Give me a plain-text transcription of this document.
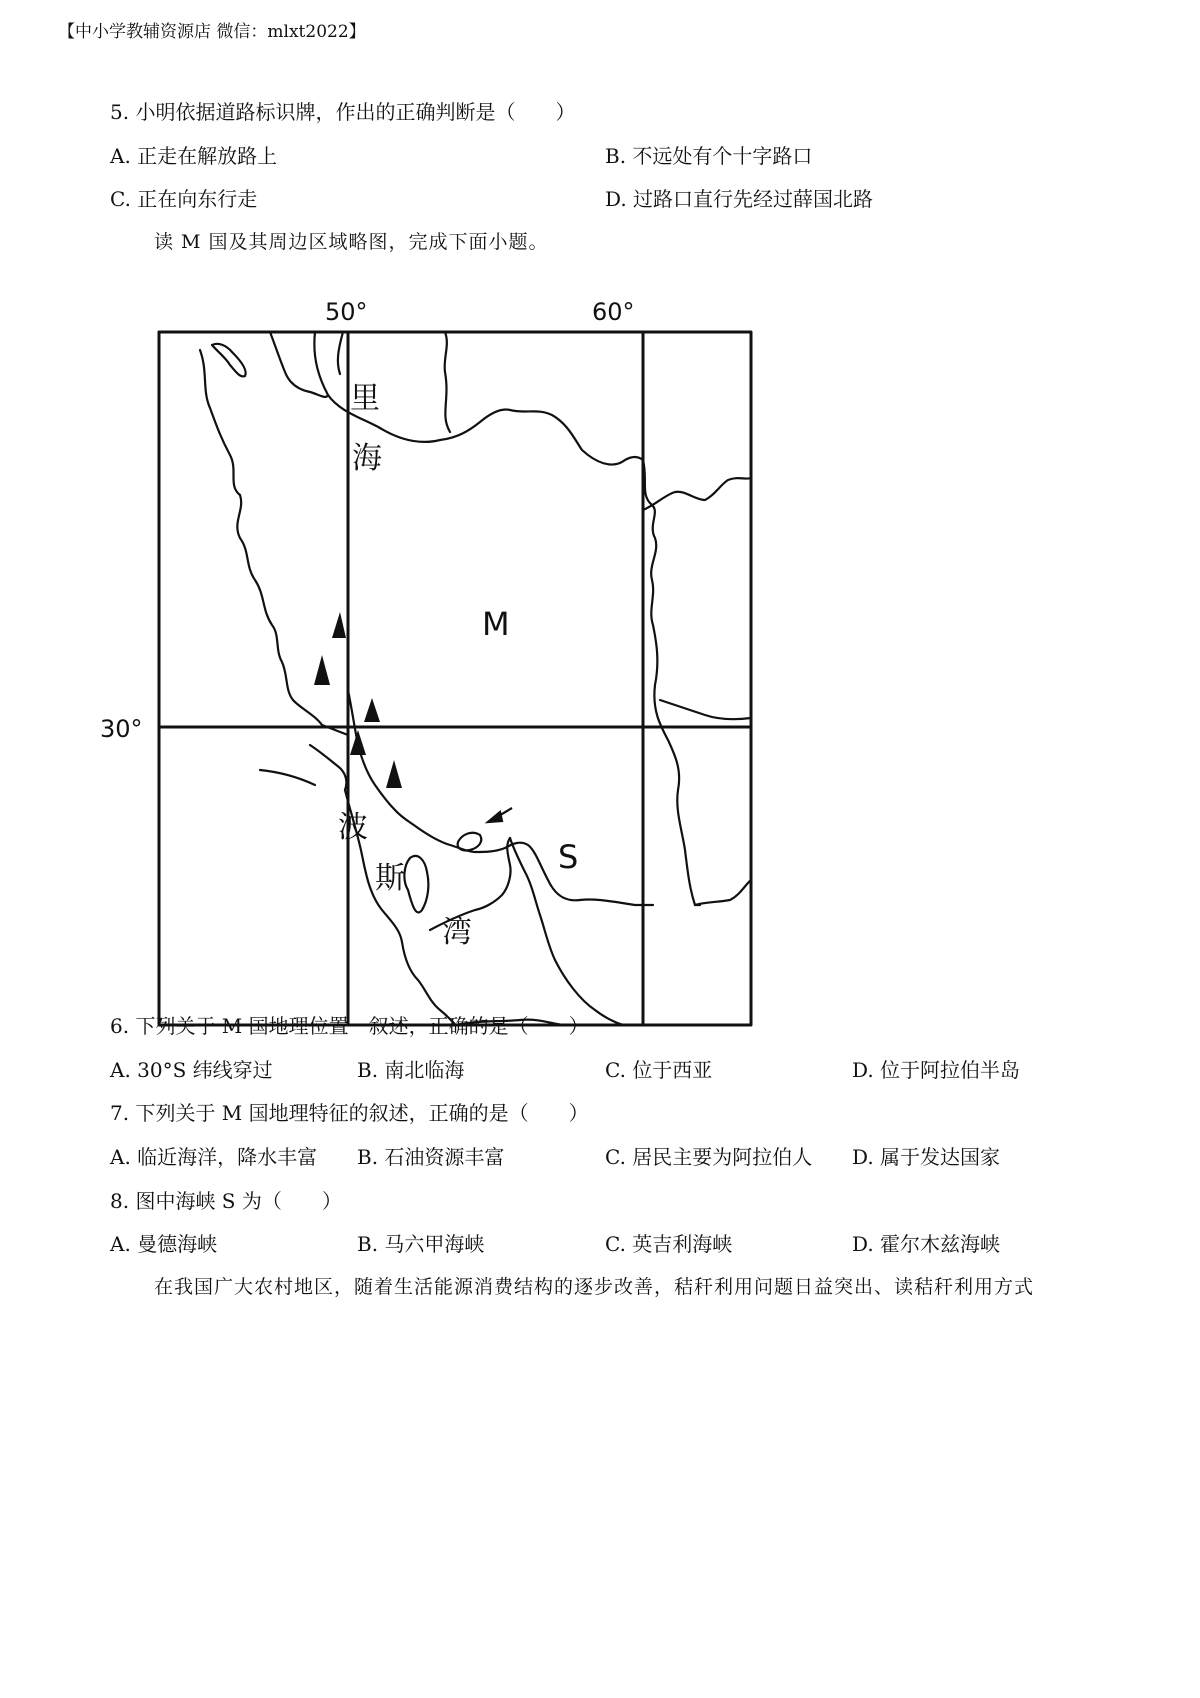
【中小学教辅资源店 微信：mlxt2022】
5. 小明依据道路标识牌，作出的正确判断是（　　）
A. 正走在解放路上	B. 不远处有个十字路口
C. 正在向东行走	D. 过路口直行先经过薛国北路
读 M 国及其周边区域略图，完成下面小题。
50°	60°
30°
里
海
M
波
斯
湾
S
6. 下列关于 M 国地理位置　叙述，正确的是（　　）
A. 30°S 纬线穿过	B. 南北临海	C. 位于西亚	D. 位于阿拉伯半岛
7. 下列关于 M 国地理特征的叙述，正确的是（　　）
A. 临近海洋，降水丰富 B. 石油资源丰富	C. 居民主要为阿拉伯人 D. 属于发达国家
8. 图中海峡 S 为（　　）
A. 曼德海峡	B. 马六甲海峡	C. 英吉利海峡	D. 霍尔木兹海峡
在我国广大农村地区，随着生活能源消费结构的逐步改善，秸秆利用问题日益突出、读秸秆利用方式
